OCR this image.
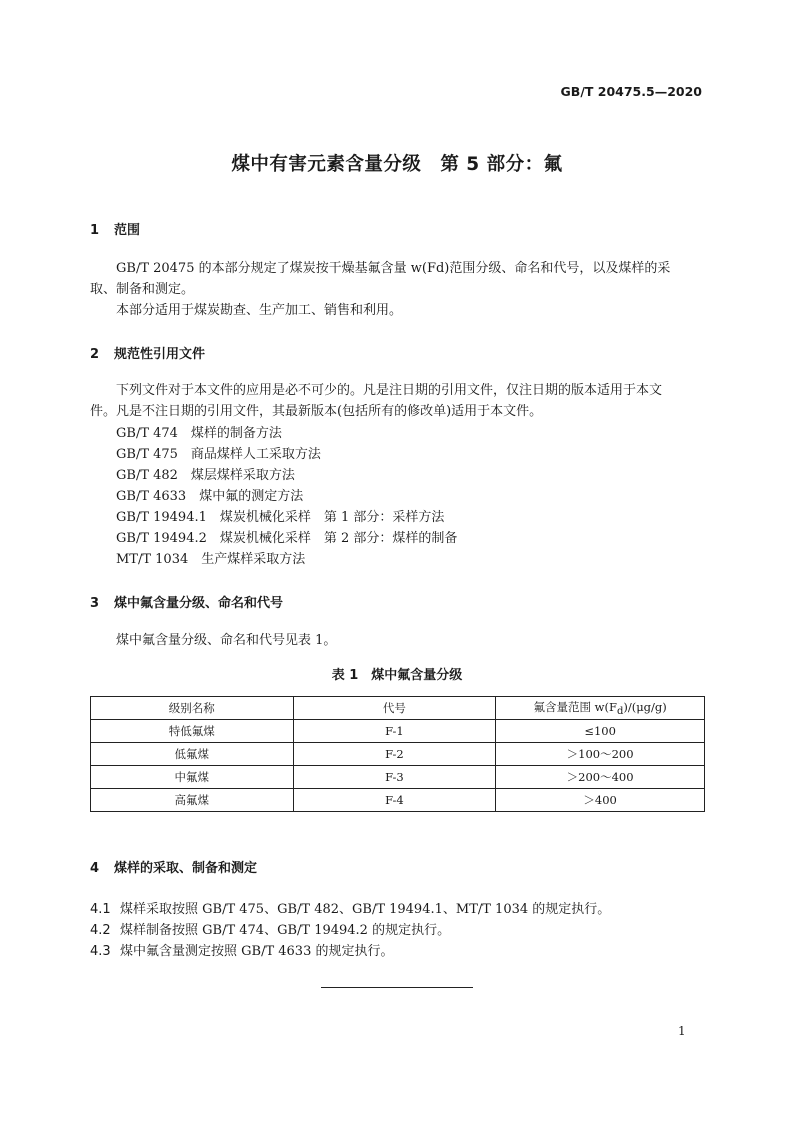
GB/T 20475.5—2020
煤中有害元素含量分级　第 5 部分：氟
1 范围
GB/T 20475 的本部分规定了煤炭按干燥基氟含量 w(Fd)范围分级、命名和代号，以及煤样的采
取、制备和测定。
本部分适用于煤炭勘查、生产加工、销售和利用。
2 规范性引用文件
下列文件对于本文件的应用是必不可少的。凡是注日期的引用文件，仅注日期的版本适用于本文
件。凡是不注日期的引用文件，其最新版本(包括所有的修改单)适用于本文件。
GB/T 474　煤样的制备方法
GB/T 475　商品煤样人工采取方法
GB/T 482　煤层煤样采取方法
GB/T 4633　煤中氟的测定方法
GB/T 19494.1　煤炭机械化采样　第 1 部分：采样方法
GB/T 19494.2　煤炭机械化采样　第 2 部分：煤样的制备
MT/T 1034　生产煤样采取方法
3 煤中氟含量分级、命名和代号
煤中氟含量分级、命名和代号见表 1。
表 1　煤中氟含量分级
级别名称	代号	氟含量范围 $w(F_d)/(\mu g/g)$
特低氟煤	F-1	≤100
低氟煤	F-2	＞100～200
中氟煤	F-3	＞200～400
高氟煤	F-4	＞400
4 煤样的采取、制备和测定
4.1 煤样采取按照 GB/T 475、GB/T 482、GB/T 19494.1、MT/T 1034 的规定执行。
4.2 煤样制备按照 GB/T 474、GB/T 19494.2 的规定执行。
4.3 煤中氟含量测定按照 GB/T 4633 的规定执行。
1
